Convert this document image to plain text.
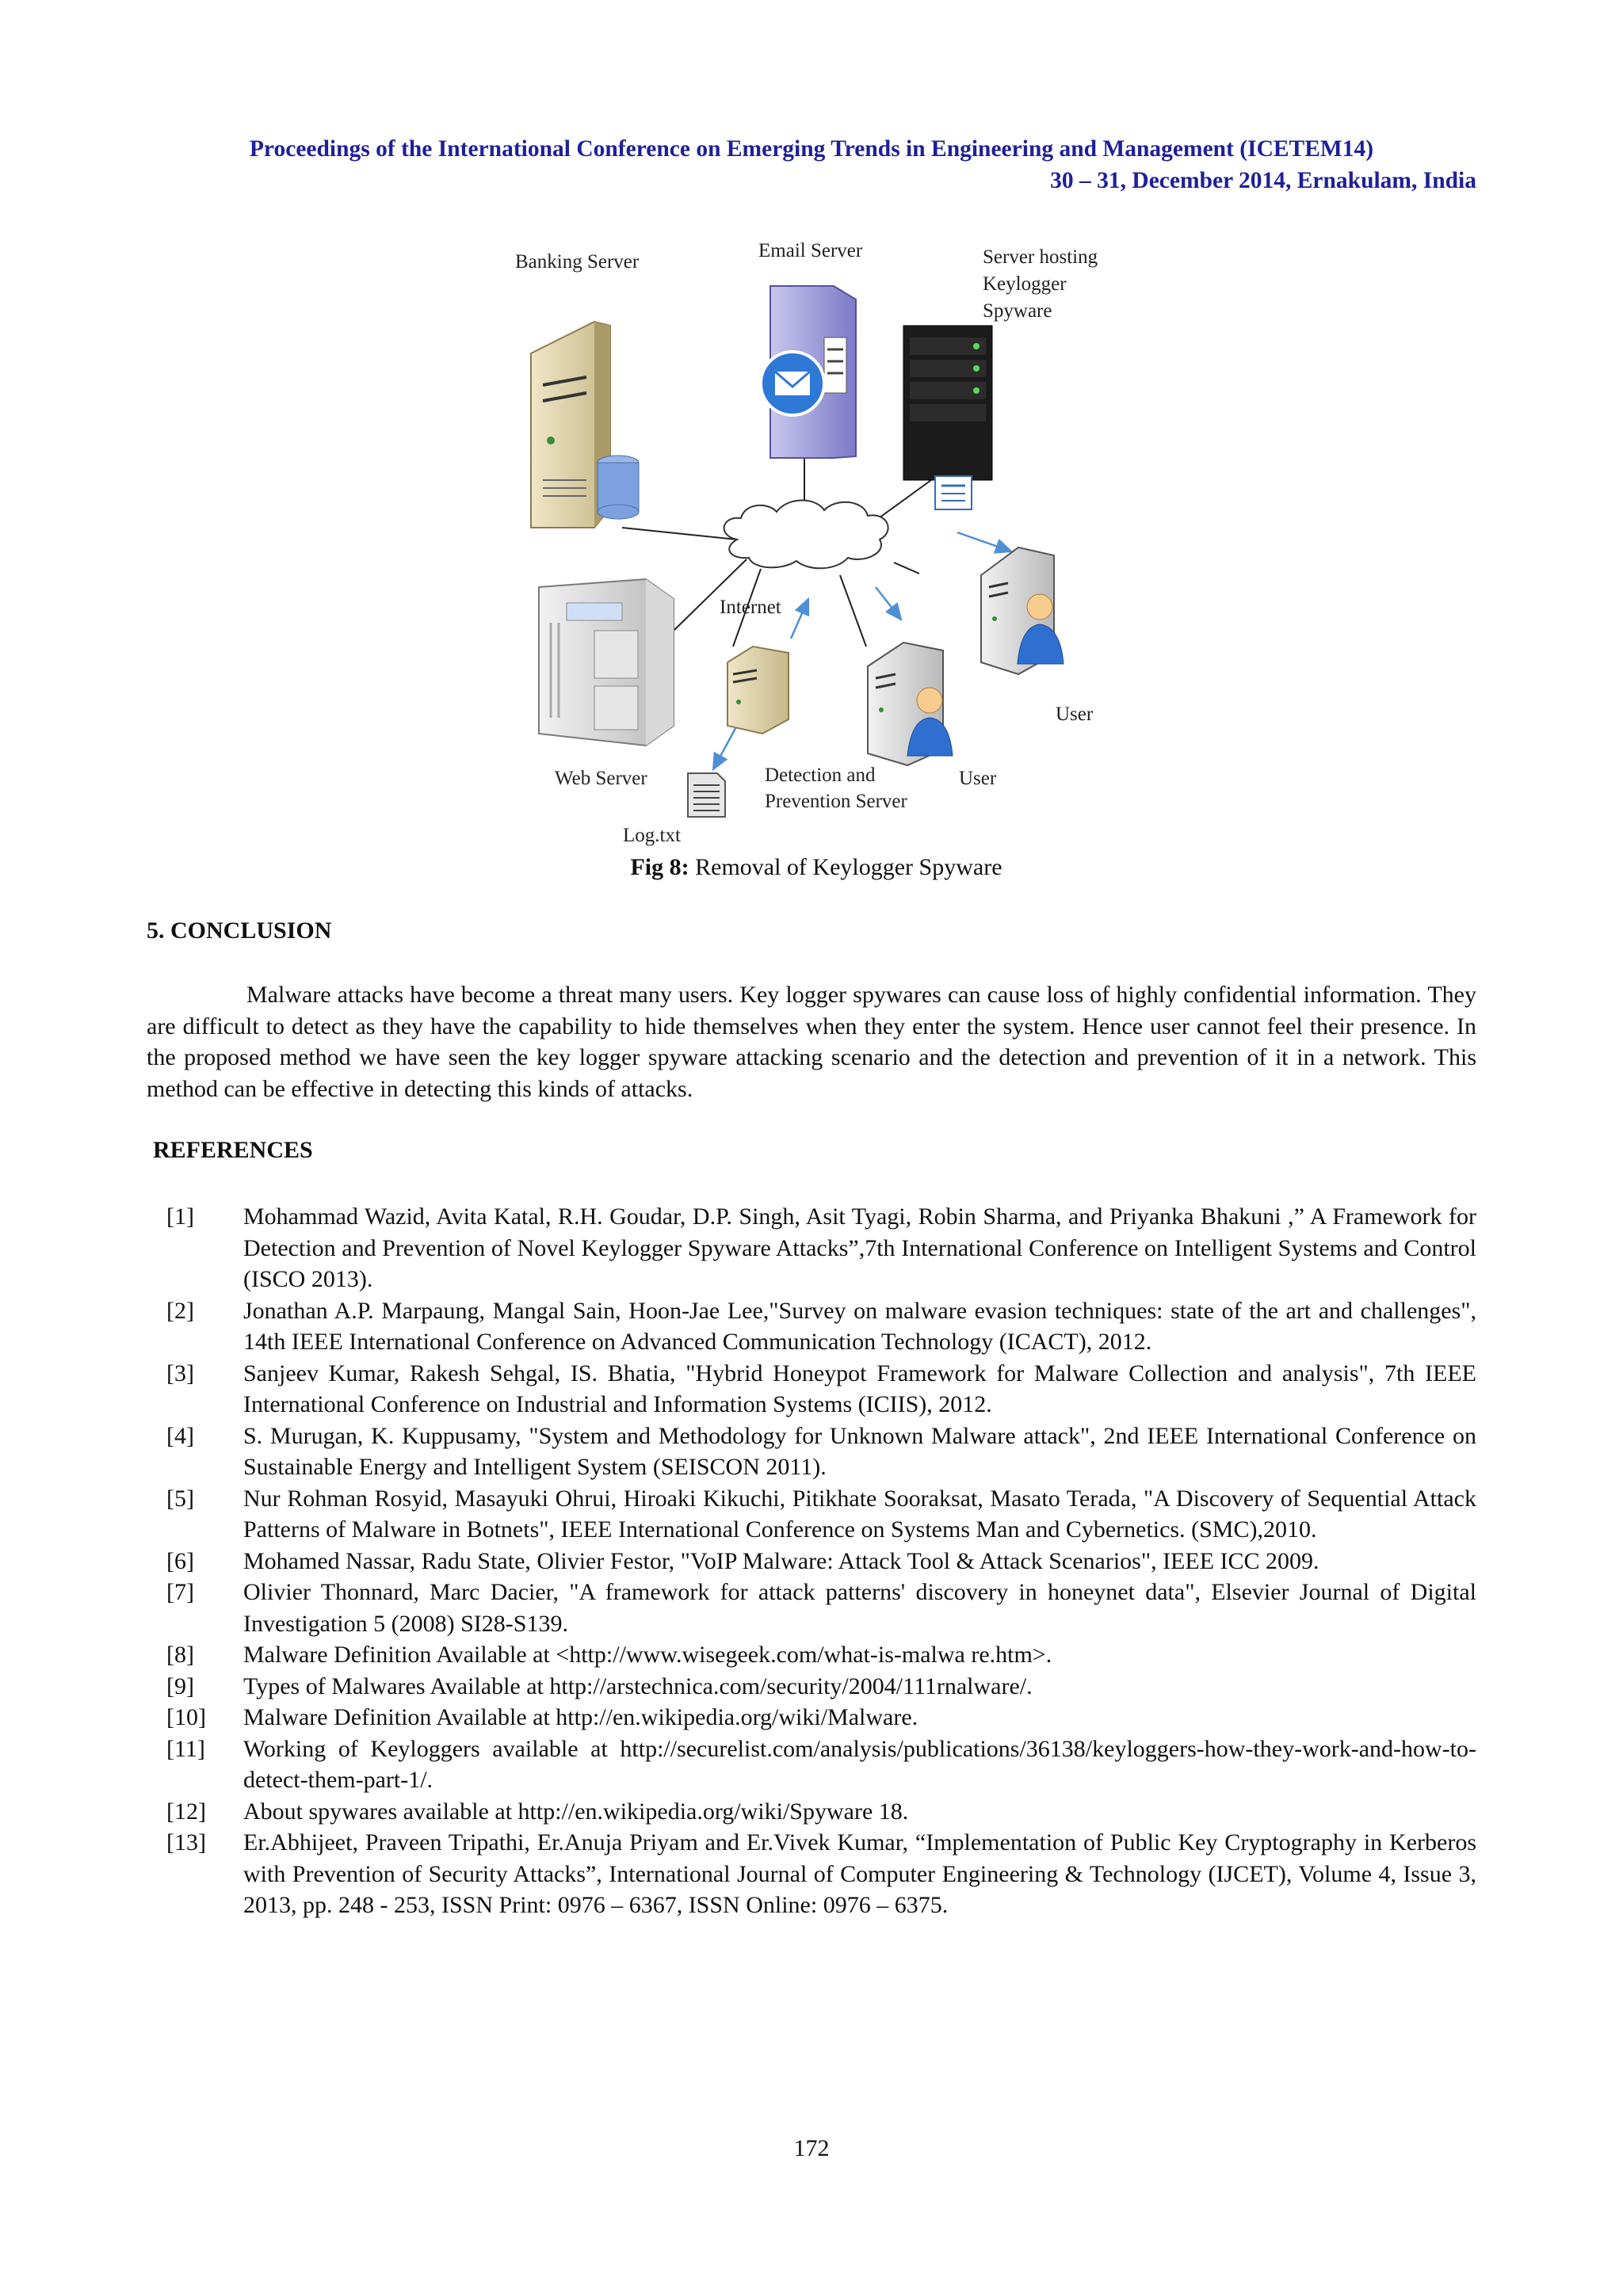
Proceedings of the International Conference on Emerging Trends in Engineering and Management (ICETEM14)
30 – 31, December 2014, Ernakulam, India
Banking Server
Email Server	Server hosting
Keylogger
Spyware
Internet
Web Server	Detection and
Prevention Server
User
User
Log.txt
Fig 8: Removal of Keylogger Spyware
5. CONCLUSION
Malware attacks have become a threat many users. Key logger spywares can cause loss of highly confidential information. They are difficult to detect as they have the capability to hide themselves when they enter the system. Hence user cannot feel their presence. In the proposed method we have seen the key logger spyware attacking scenario and the detection and prevention of it in a network. This method can be effective in detecting this kinds of attacks.
REFERENCES
[1]	Mohammad Wazid, Avita Katal, R.H. Goudar, D.P. Singh, Asit Tyagi, Robin Sharma, and Priyanka Bhakuni ,” A Framework for Detection and Prevention of Novel Keylogger Spyware Attacks”,7th International Conference on Intelligent Systems and Control (ISCO 2013).
[2]	Jonathan A.P. Marpaung, Mangal Sain, Hoon-Jae Lee,"Survey on malware evasion techniques: state of the art and challenges", 14th IEEE International Conference on Advanced Communication Technology (ICACT), 2012.
[3]	Sanjeev Kumar, Rakesh Sehgal, IS. Bhatia, "Hybrid Honeypot Framework for Malware Collection and analysis", 7th IEEE International Conference on Industrial and Information Systems (ICIIS), 2012.
[4]	S. Murugan, K. Kuppusamy, "System and Methodology for Unknown Malware attack", 2nd IEEE International Conference on Sustainable Energy and Intelligent System (SEISCON 2011).
[5]	Nur Rohman Rosyid, Masayuki Ohrui, Hiroaki Kikuchi, Pitikhate Sooraksat, Masato Terada, "A Discovery of Sequential Attack Patterns of Malware in Botnets", IEEE International Conference on Systems Man and Cybernetics. (SMC),2010.
[6]	Mohamed Nassar, Radu State, Olivier Festor, "VoIP Malware: Attack Tool & Attack Scenarios", IEEE ICC 2009.
[7]	Olivier Thonnard, Marc Dacier, "A framework for attack patterns' discovery in honeynet data", Elsevier Journal of Digital Investigation 5 (2008) SI28-S139.
[8]	Malware Definition Available at <http://www.wisegeek.com/what-is-malwa re.htm>.
[9]	Types of Malwares Available at http://arstechnica.com/security/2004/111rnalware/.
[10]	Malware Definition Available at http://en.wikipedia.org/wiki/Malware.
[11]	Working of Keyloggers available at http://securelist.com/analysis/publications/36138/keyloggers-how-they-work-and-how-to-detect-them-part-1/.
[12]	About spywares available at http://en.wikipedia.org/wiki/Spyware 18.
[13]	Er.Abhijeet, Praveen Tripathi, Er.Anuja Priyam and Er.Vivek Kumar, “Implementation of Public Key Cryptography in Kerberos with Prevention of Security Attacks”, International Journal of Computer Engineering & Technology (IJCET), Volume 4, Issue 3, 2013, pp. 248 - 253, ISSN Print: 0976 – 6367, ISSN Online: 0976 – 6375.
172
